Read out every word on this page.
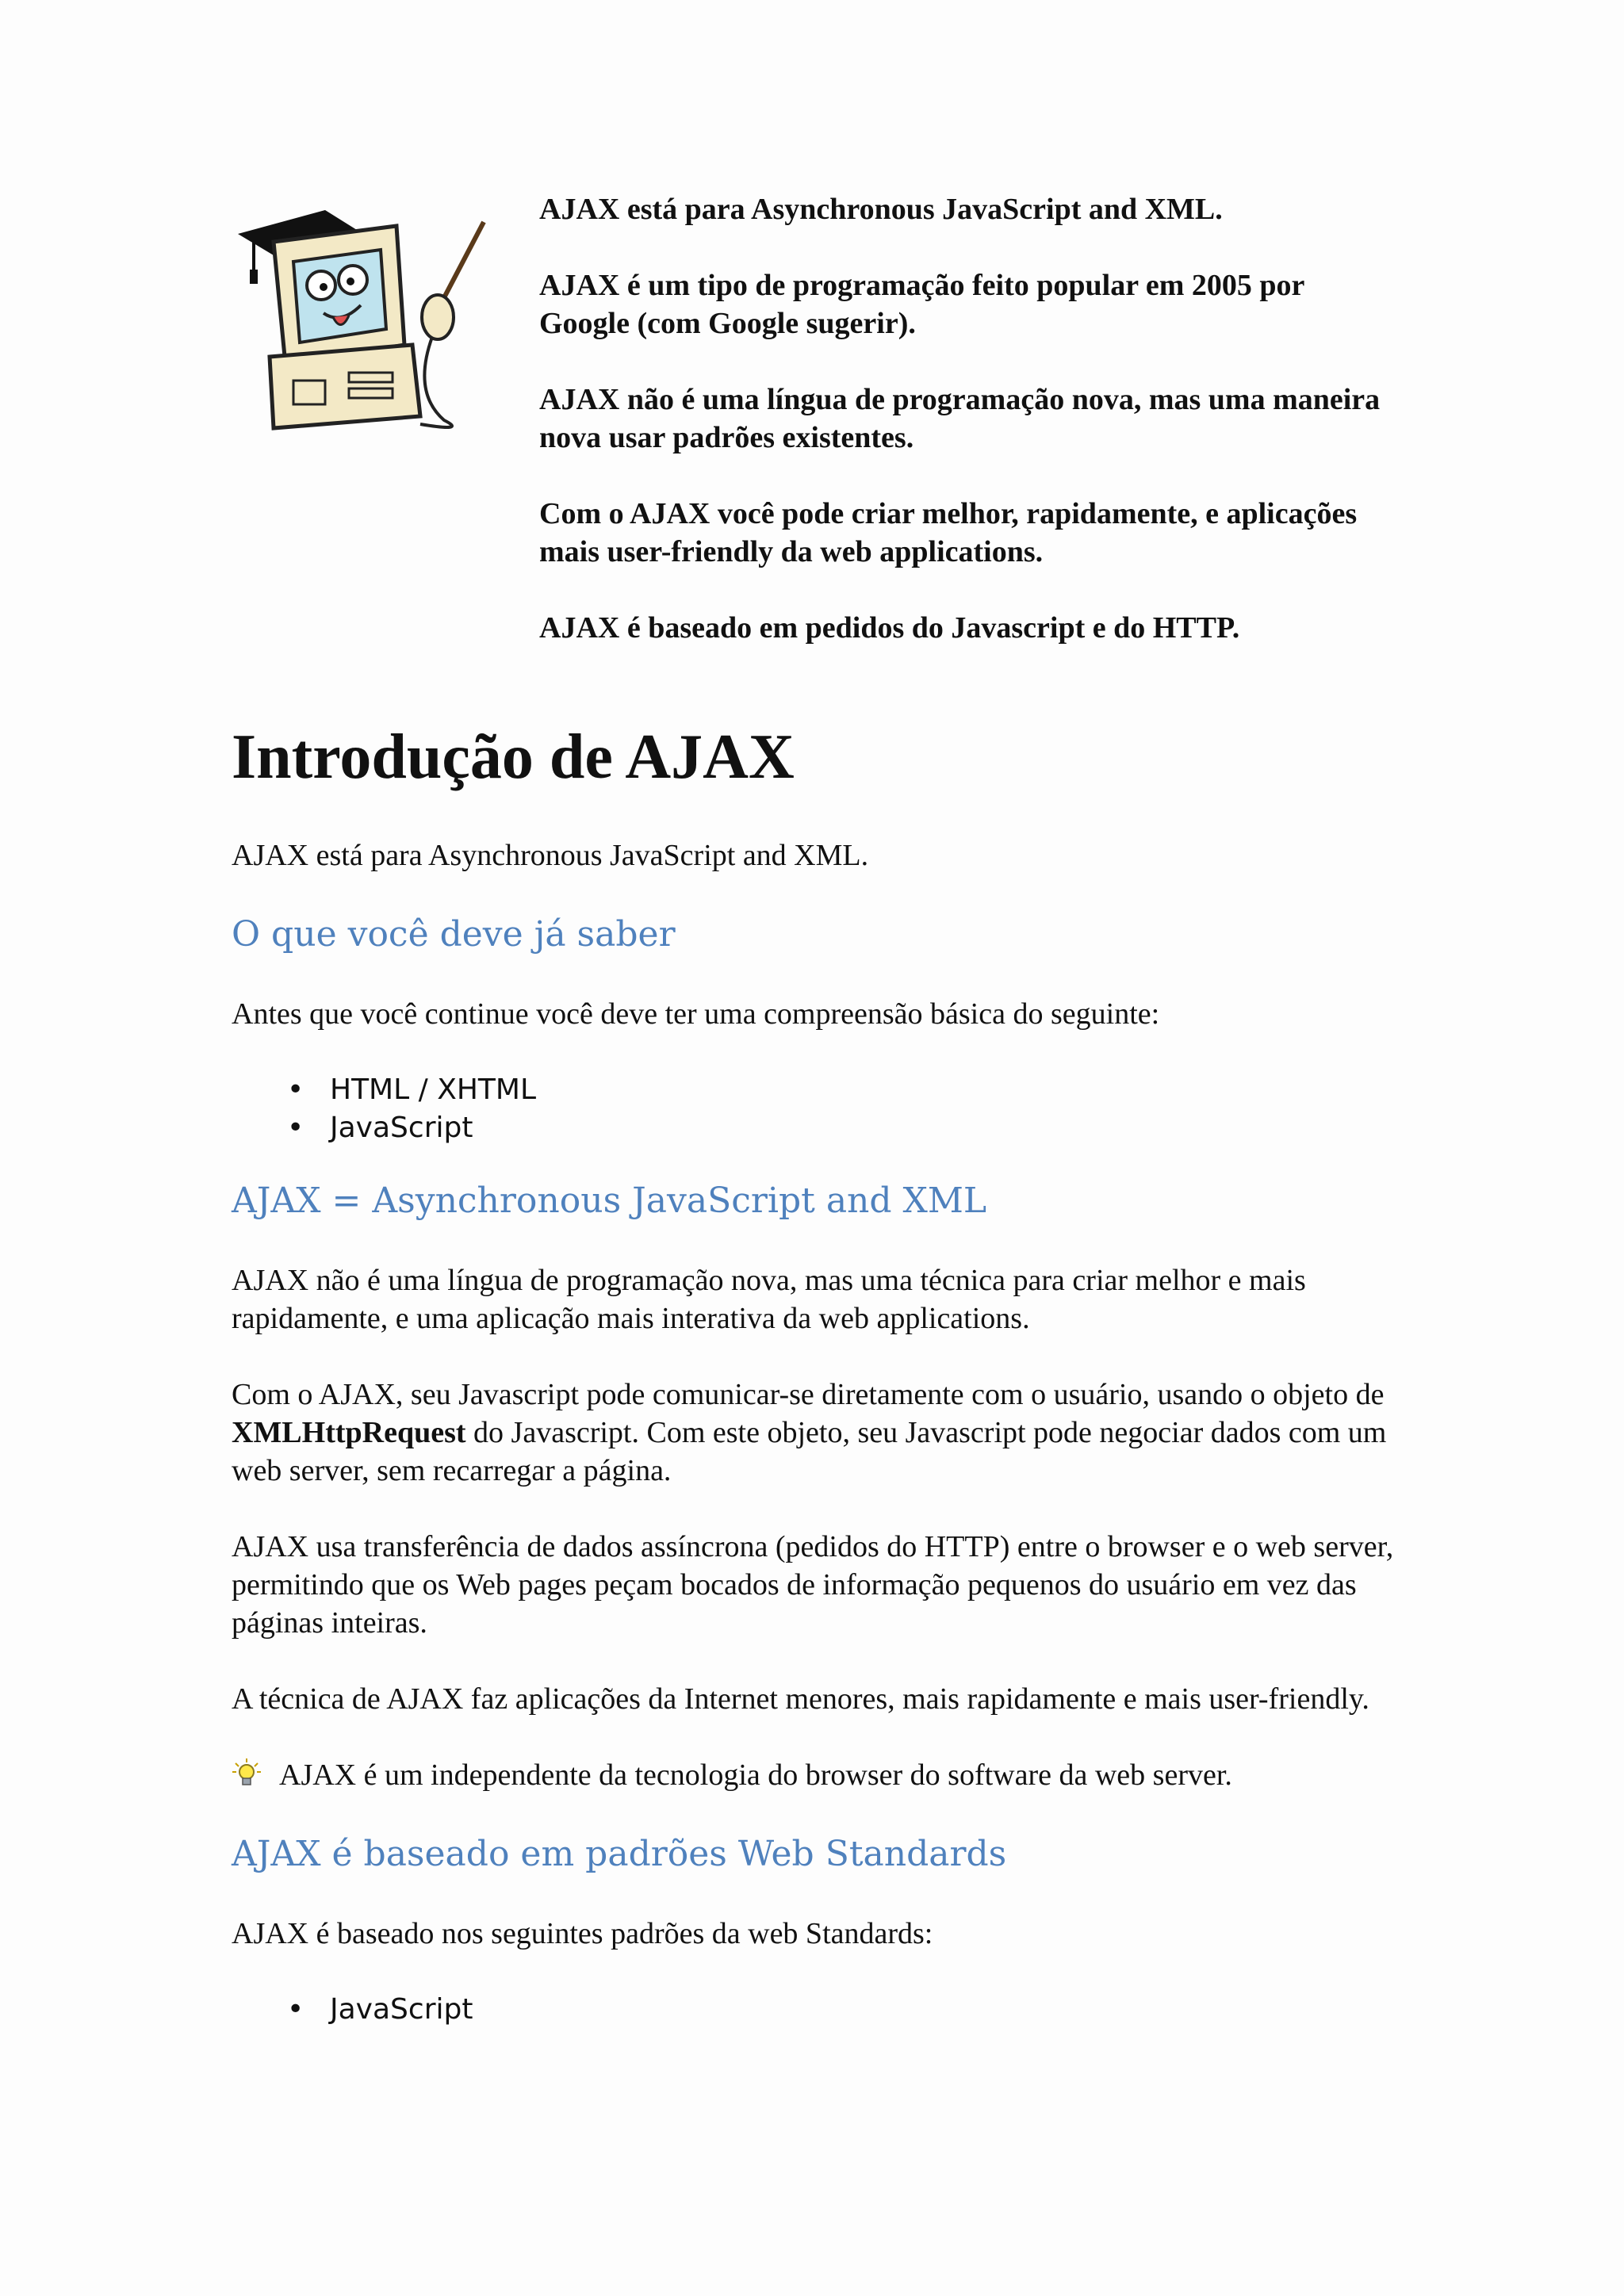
AJAX está para Asynchronous JavaScript and XML.

AJAX é um tipo de programação feito popular em 2005 por Google (com Google sugerir).

AJAX não é uma língua de programação nova, mas uma maneira nova usar padrões existentes.

Com o AJAX você pode criar melhor, rapidamente, e aplicações mais user-friendly da web applications.

AJAX é baseado em pedidos do Javascript e do HTTP.

Introdução de AJAX

AJAX está para Asynchronous JavaScript and XML.

O que você deve já saber

Antes que você continue você deve ter uma compreensão básica do seguinte:

• HTML / XHTML
• JavaScript
AJAX = Asynchronous JavaScript and XML

AJAX não é uma língua de programação nova, mas uma técnica para criar melhor e mais rapidamente, e uma aplicação mais interativa da web applications.

Com o AJAX, seu Javascript pode comunicar-se diretamente com o usuário, usando o objeto de XMLHttpRequest do Javascript. Com este objeto, seu Javascript pode negociar dados com um web server, sem recarregar a página.

AJAX usa transferência de dados assíncrona (pedidos do HTTP) entre o browser e o web server, permitindo que os Web pages peçam bocados de informação pequenos do usuário em vez das páginas inteiras.

A técnica de AJAX faz aplicações da Internet menores, mais rapidamente e mais user-friendly.

AJAX é um independente da tecnologia do browser do software da web server.
AJAX é baseado em padrões Web Standards

AJAX é baseado nos seguintes padrões da web Standards:

• JavaScript
